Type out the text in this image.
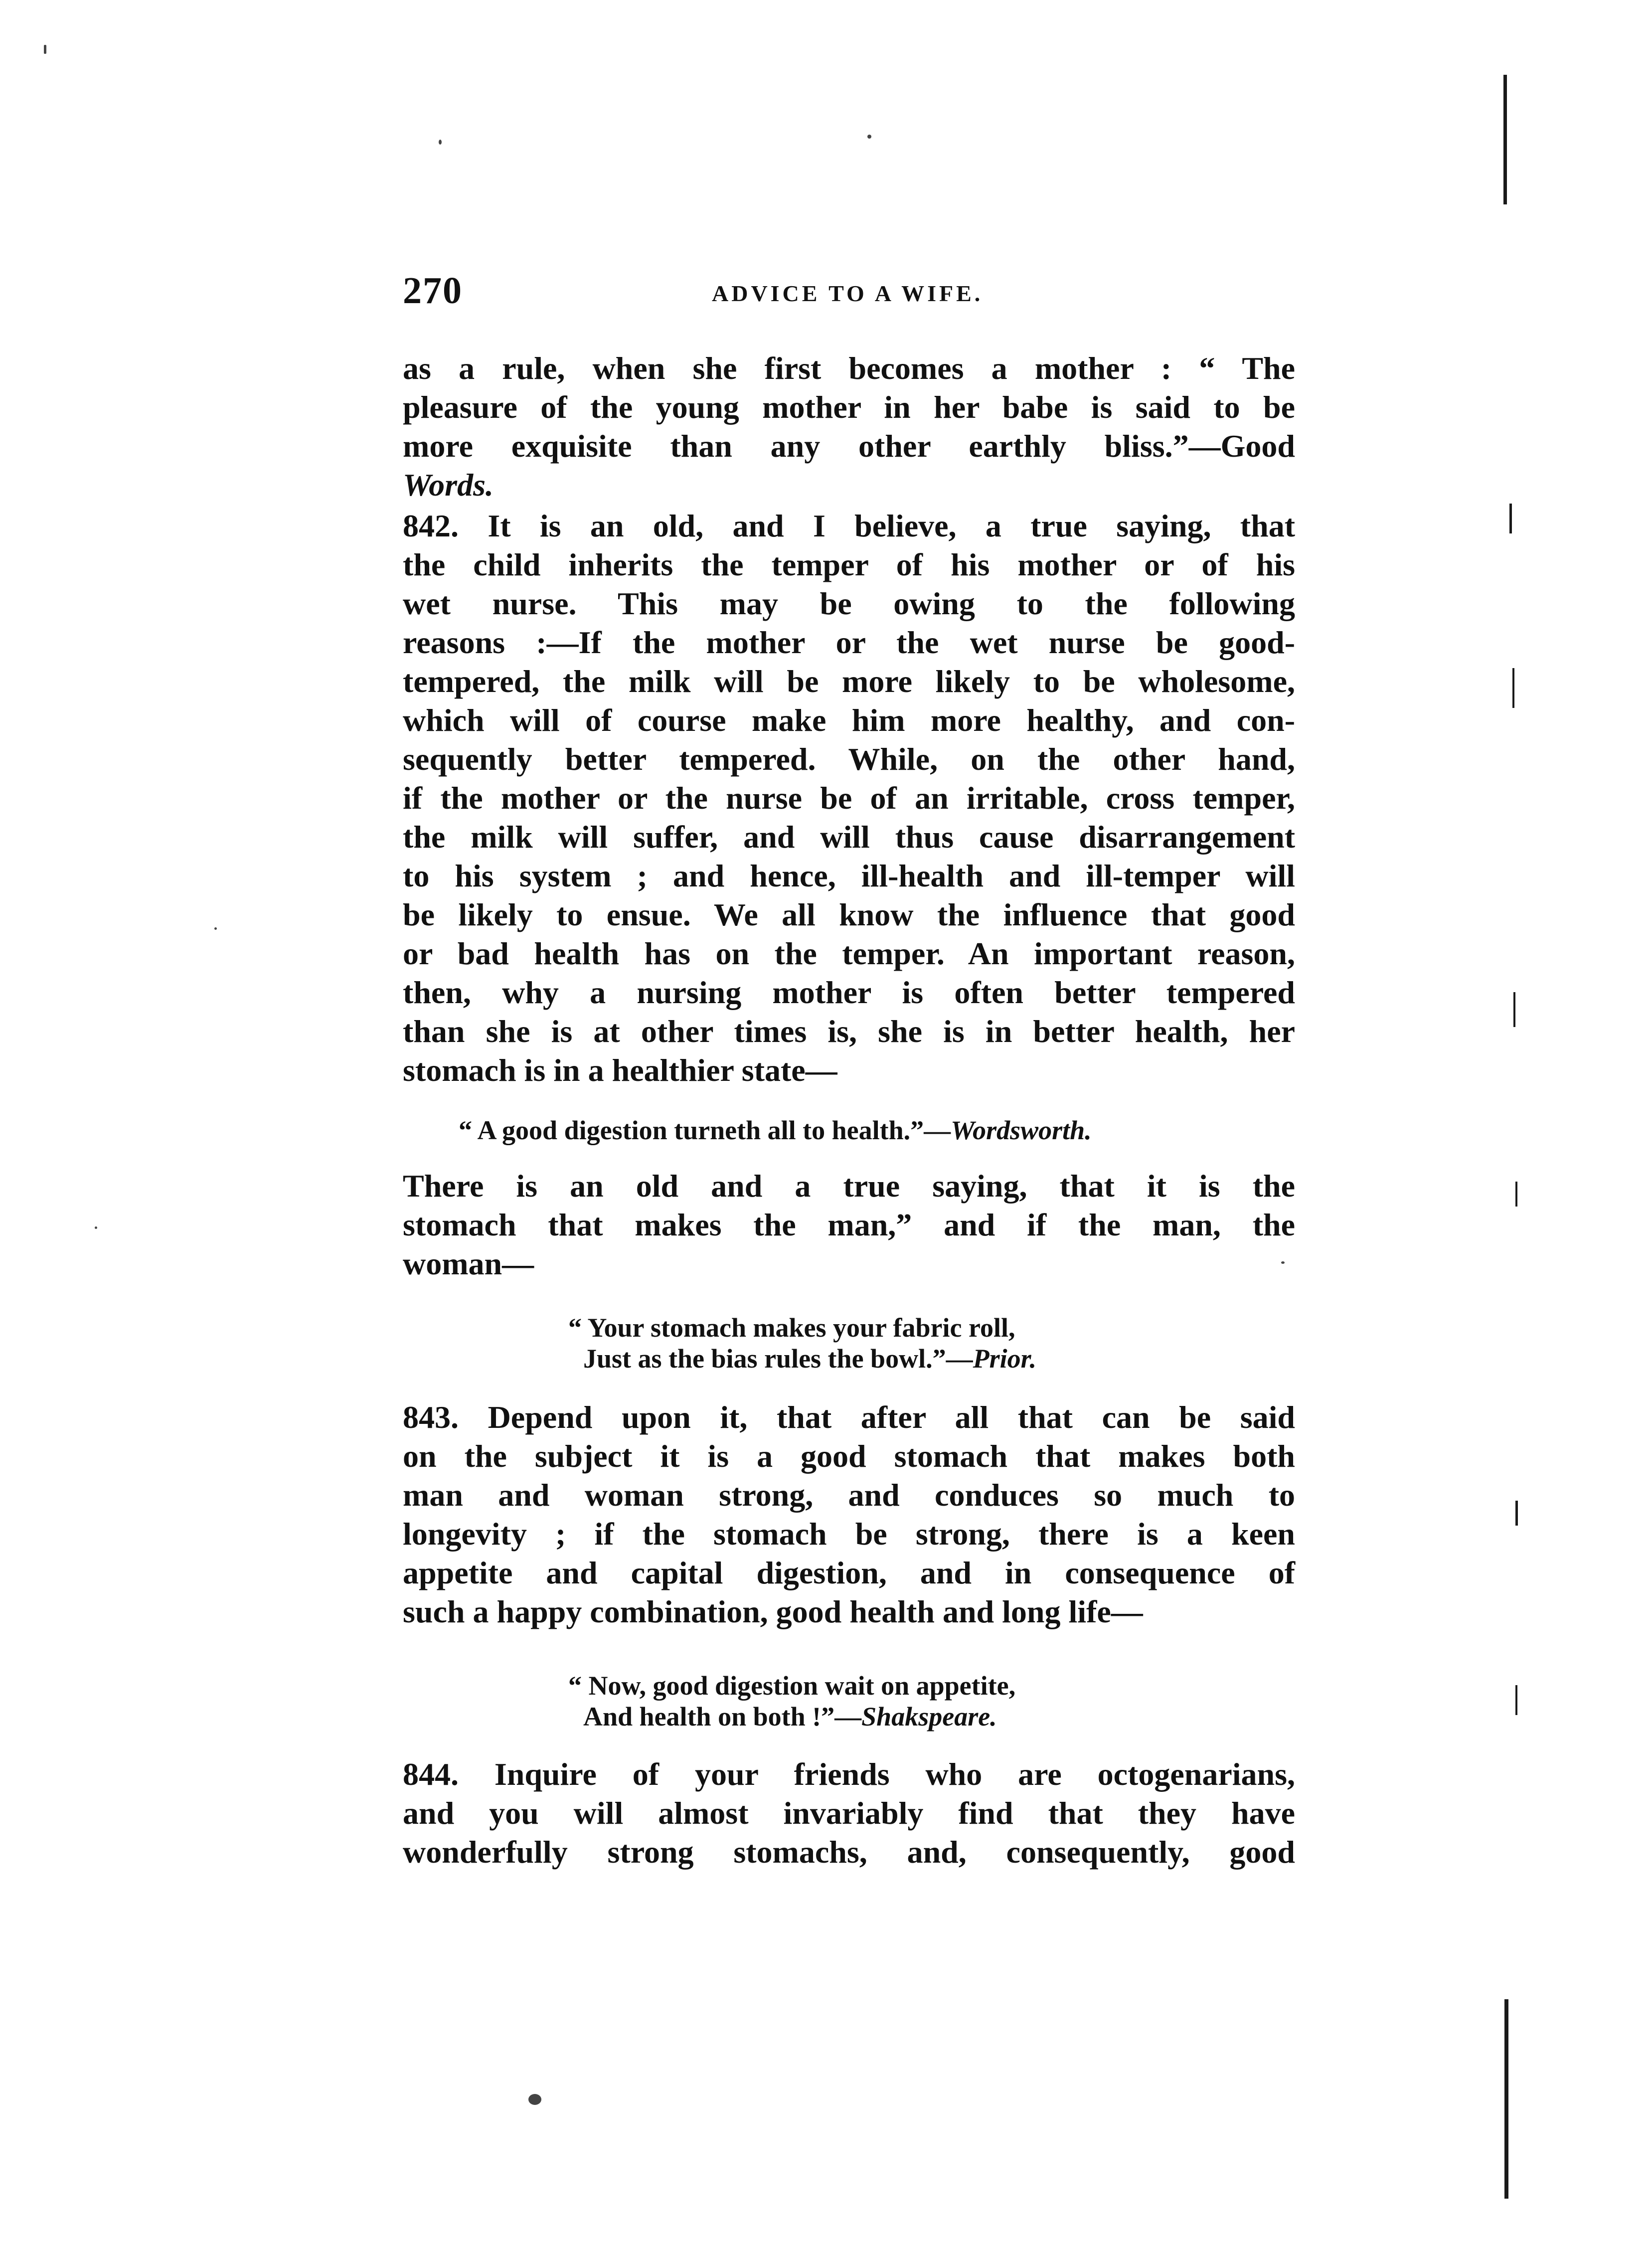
270	ADVICE TO A WIFE.

as a rule, when she first becomes a mother : “ The
pleasure of the young mother in her babe is said to be
more exquisite than any other earthly bliss.”—Good
Words.

842. It is an old, and I believe, a true saying, that
the child inherits the temper of his mother or of his
wet nurse. This may be owing to the following
reasons :—If the mother or the wet nurse be good-
tempered, the milk will be more likely to be wholesome,
which will of course make him more healthy, and con-
sequently better tempered. While, on the other hand,
if the mother or the nurse be of an irritable, cross temper,
the milk will suffer, and will thus cause disarrangement
to his system ; and hence, ill-health and ill-temper will
be likely to ensue. We all know the influence that good
or bad health has on the temper. An important reason,
then, why a nursing mother is often better tempered
than she is at other times is, she is in better health, her
stomach is in a healthier state—

“ A good digestion turneth all to health.”—Wordsworth.

There is an old and a true saying, that it is the
stomach that makes the man,” and if the man, the
woman—

“ Your stomach makes your fabric roll,
Just as the bias rules the bowl.”—Prior.

843. Depend upon it, that after all that can be said
on the subject it is a good stomach that makes both
man and woman strong, and conduces so much to
longevity ; if the stomach be strong, there is a keen
appetite and capital digestion, and in consequence of
such a happy combination, good health and long life—

“ Now, good digestion wait on appetite,
And health on both !”—Shakspeare.

844. Inquire of your friends who are octogenarians,
and you will almost invariably find that they have
wonderfully strong stomachs, and, consequently, good
